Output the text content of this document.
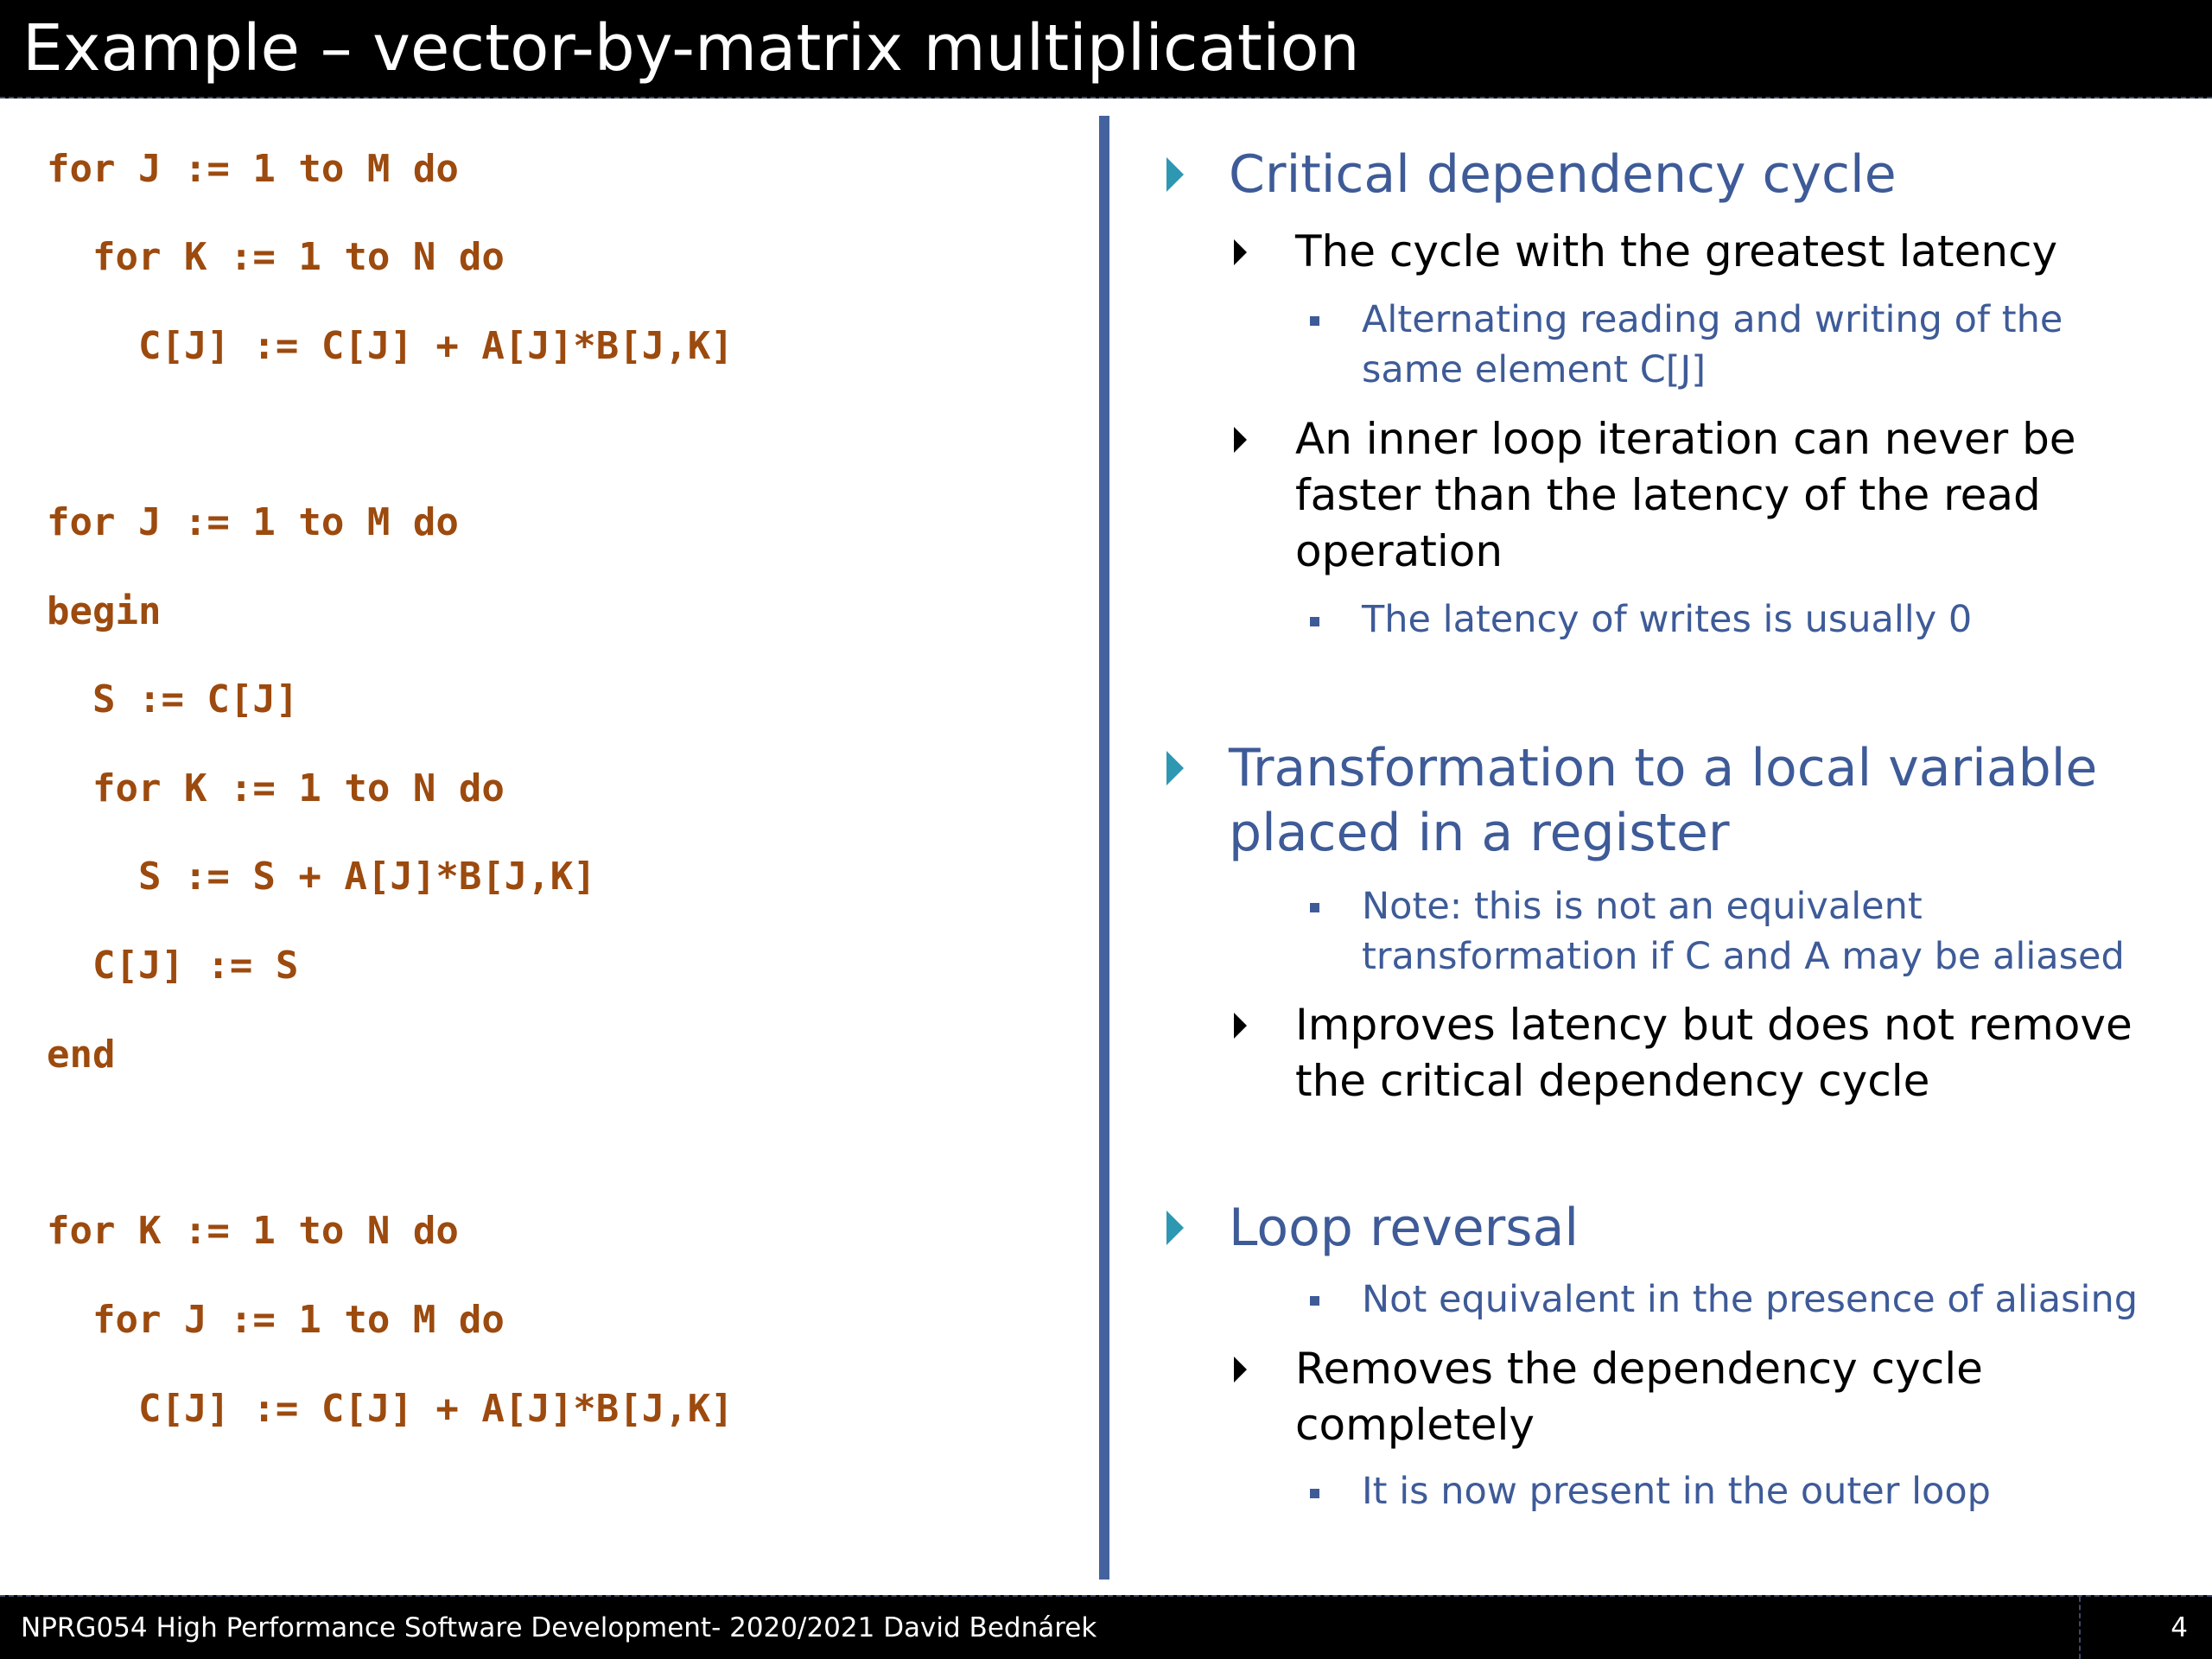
Example – vector-by-matrix multiplication
for J := 1 to M do
for K := 1 to N do
C[J] := C[J] + A[J]*B[J,K]
for J := 1 to M do
begin
S := C[J]
for K := 1 to N do
S := S + A[J]*B[J,K]
C[J] := S
end
for K := 1 to N do
for J := 1 to M do
C[J] := C[J] + A[J]*B[J,K]
Critical dependency cycle
The cycle with the greatest latency
Alternating reading and writing of the
same element C[J]
An inner loop iteration can never be
faster than the latency of the read
operation
The latency of writes is usually 0
Transformation to a local variable
placed in a register
Note: this is not an equivalent
transformation if C and A may be aliased
Improves latency but does not remove
the critical dependency cycle
Loop reversal
Not equivalent in the presence of aliasing
Removes the dependency cycle
completely
It is now present in the outer loop
NPRG054 High Performance Software Development- 2020/2021 David Bednárek	4
